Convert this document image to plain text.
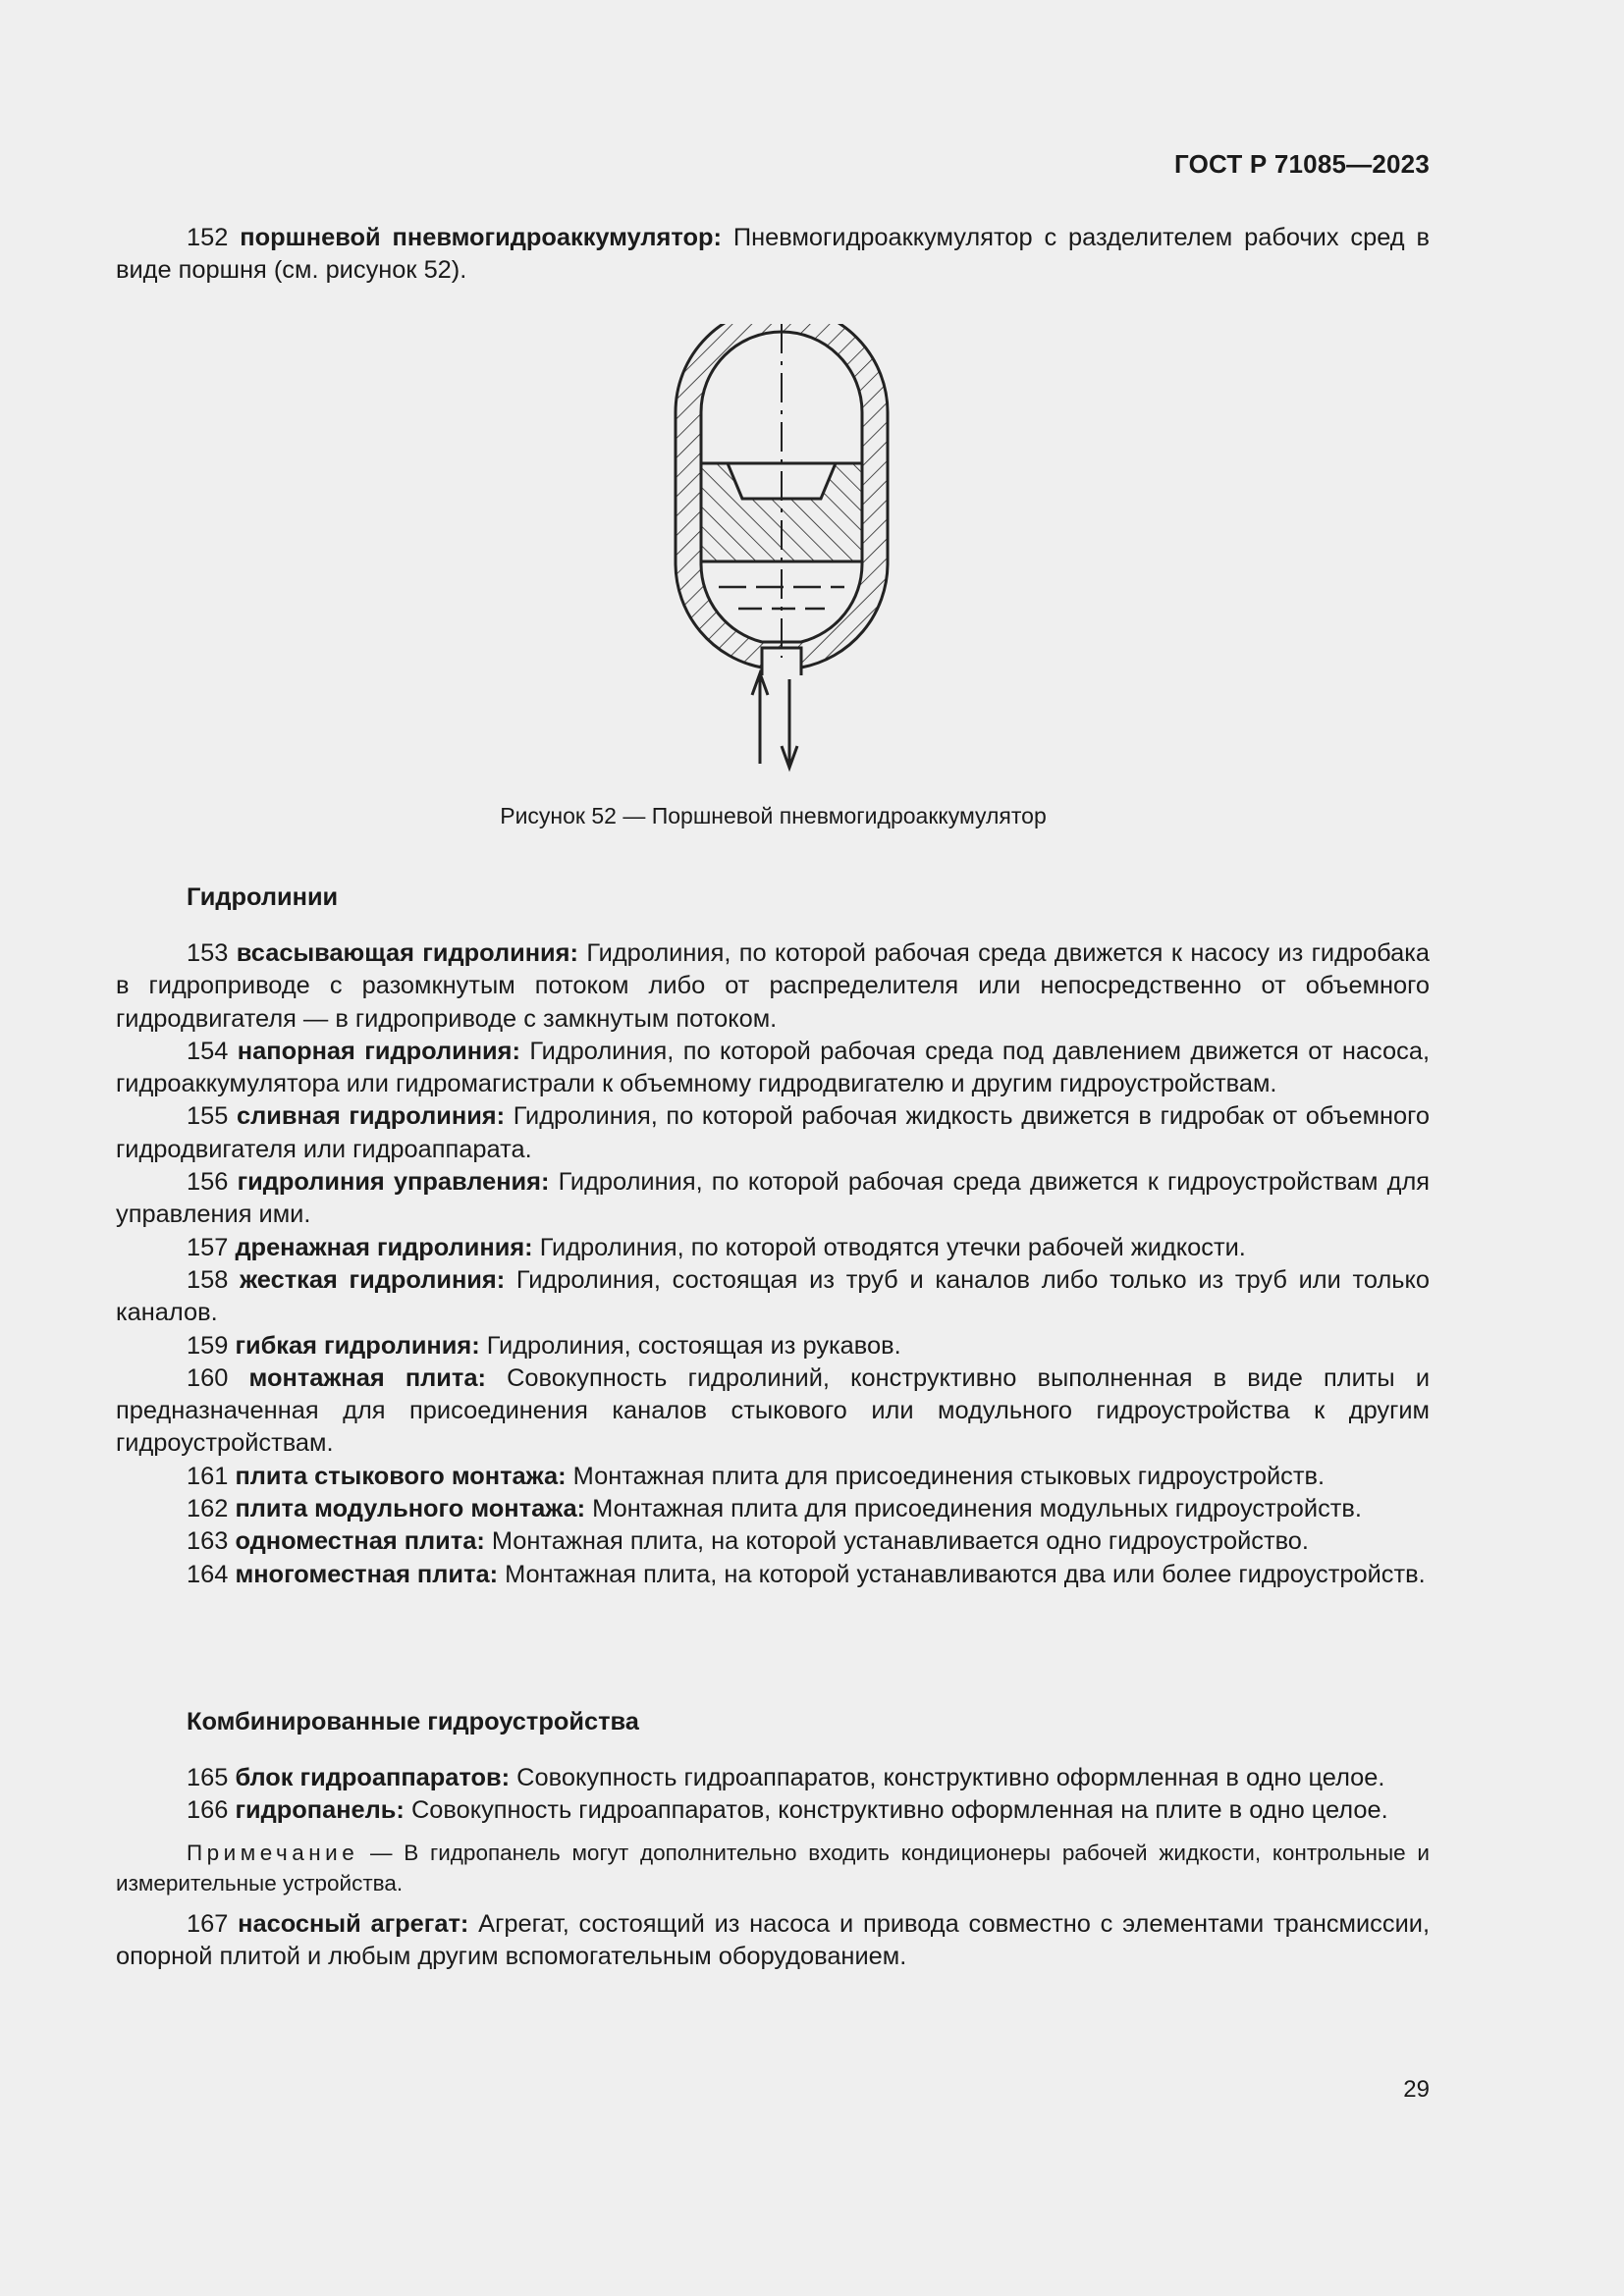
ГОСТ Р 71085—2023

152 поршневой пневмогидроаккумулятор: Пневмогидроаккумулятор с разделителем рабочих сред в виде поршня (см. рисунок 52).

Рисунок 52 — Поршневой пневмогидроаккумулятор

Гидролинии

153 всасывающая гидролиния: Гидролиния, по которой рабочая среда движется к насосу из гидробака в гидроприводе с разомкнутым потоком либо от распределителя или непосредственно от объемного гидродвигателя — в гидроприводе с замкнутым потоком.

154 напорная гидролиния: Гидролиния, по которой рабочая среда под давлением движется от насоса, гидроаккумулятора или гидромагистрали к объемному гидродвигателю и другим гидроустройствам.

155 сливная гидролиния: Гидролиния, по которой рабочая жидкость движется в гидробак от объемного гидродвигателя или гидроаппарата.

156 гидролиния управления: Гидролиния, по которой рабочая среда движется к гидроустройствам для управления ими.

157 дренажная гидролиния: Гидролиния, по которой отводятся утечки рабочей жидкости.

158 жесткая гидролиния: Гидролиния, состоящая из труб и каналов либо только из труб или только каналов.

159 гибкая гидролиния: Гидролиния, состоящая из рукавов.

160 монтажная плита: Совокупность гидролиний, конструктивно выполненная в виде плиты и предназначенная для присоединения каналов стыкового или модульного гидроустройства к другим гидроустройствам.

161 плита стыкового монтажа: Монтажная плита для присоединения стыковых гидроустройств.

162 плита модульного монтажа: Монтажная плита для присоединения модульных гидроустройств.

163 одноместная плита: Монтажная плита, на которой устанавливается одно гидроустройство.

164 многоместная плита: Монтажная плита, на которой устанавливаются два или более гидроустройств.

Комбинированные гидроустройства

165 блок гидроаппаратов: Совокупность гидроаппаратов, конструктивно оформленная в одно целое.

166 гидропанель: Совокупность гидроаппаратов, конструктивно оформленная на плите в одно целое.

Примечание — В гидропанель могут дополнительно входить кондиционеры рабочей жидкости, контрольные и измерительные устройства.

167 насосный агрегат: Агрегат, состоящий из насоса и привода совместно с элементами трансмиссии, опорной плитой и любым другим вспомогательным оборудованием.

29
